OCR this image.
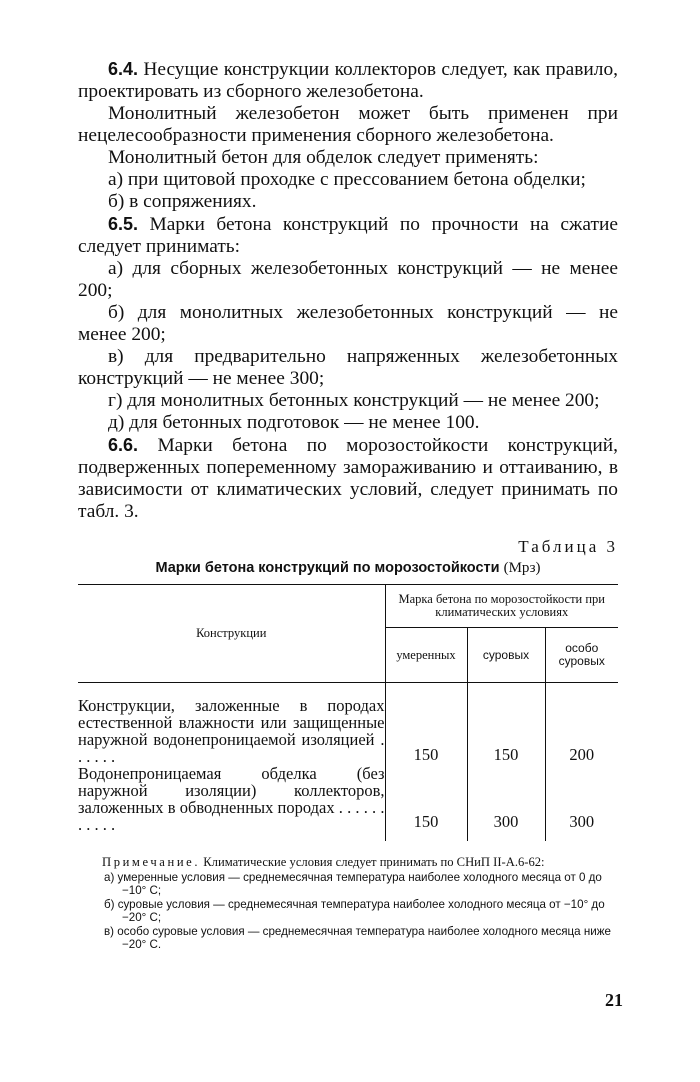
6.4. Несущие конструкции коллекторов следует, как правило, проектировать из сборного железобетона.

Монолитный железобетон может быть применен при нецелесообразности применения сборного железобетона.

Монолитный бетон для обделок следует применять:

а) при щитовой проходке с прессованием бетона обделки;

б) в сопряжениях.

6.5. Марки бетона конструкций по прочности на сжатие следует принимать:

а) для сборных железобетонных конструкций — не менее 200;

б) для монолитных железобетонных конструкций — не менее 200;

в) для предварительно напряженных железобетонных конструкций — не менее 300;

г) для монолитных бетонных конструкций — не менее 200;

д) для бетонных подготовок — не менее 100.

6.6. Марки бетона по морозостойкости конструкций, подверженных попеременному замораживанию и оттаиванию, в зависимости от климатических условий, следует принимать по табл. 3.

Таблица 3
Марки бетона конструкций по морозостойкости (Мрз)
Конструкции	Марка бетона по морозостойкости при климатических условиях		
	умеренных	суровых	особо суровых
Конструкции, заложенные в породах естественной влажности или защищенные наружной водонепроницаемой изоляцией . . . . . .	150	150	200
Водонепроницаемая обделка (без наружной изоляции) коллекторов, заложенных в обводненных породах . . . . . . . . . . .	150	300	300
Примечание. Климатические условия следует принимать по СНиП II-А.6-62:
а) умеренные условия — среднемесячная температура наиболее холодного месяца от 0 до −10° С;
б) суровые условия — среднемесячная температура наиболее холодного месяца от −10° до −20° С;
в) особо суровые условия — среднемесячная температура наиболее холодного месяца ниже −20° С.
21
